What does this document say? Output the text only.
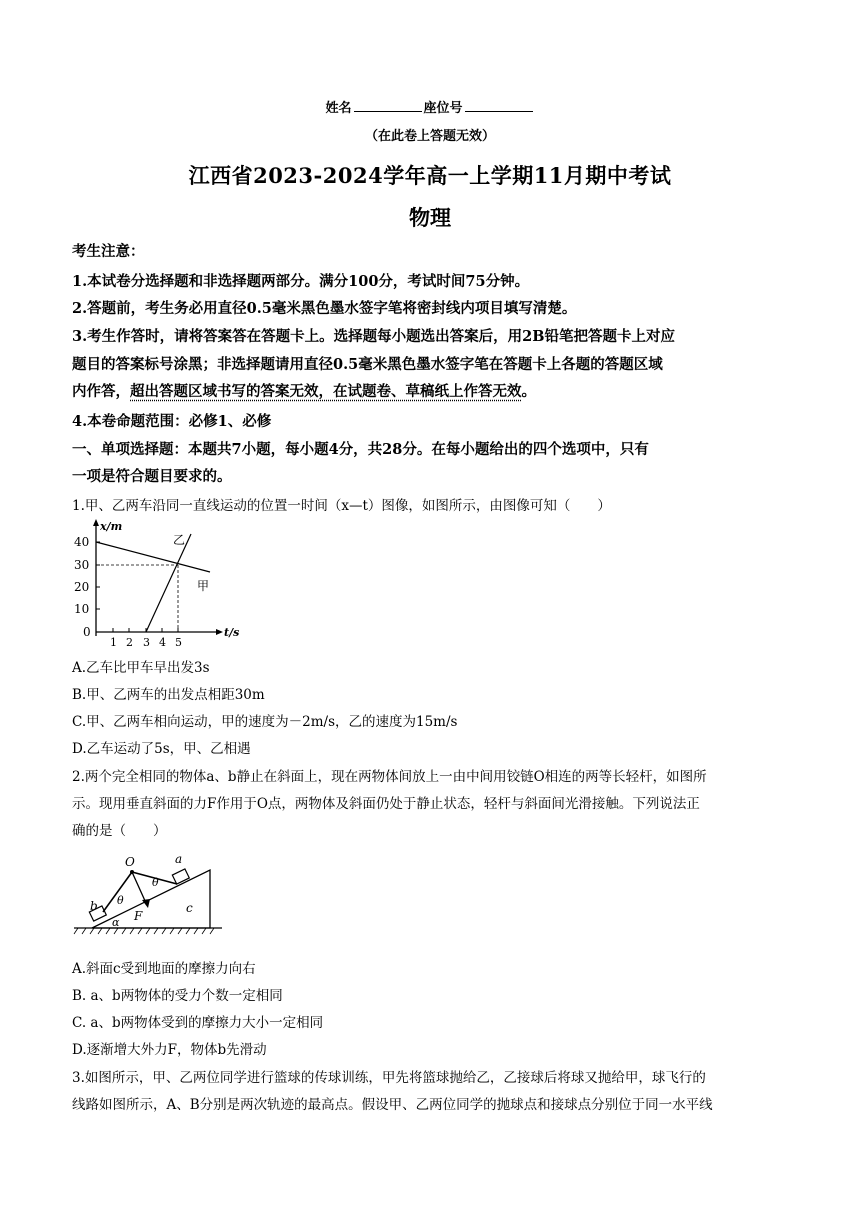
姓名	座位号
（在此卷上答题无效）
江西省2023-2024学年高一上学期11月期中考试
物理
考生注意：
1.本试卷分选择题和非选择题两部分。满分100分，考试时间75分钟。
2.答题前，考生务必用直径0.5毫米黑色墨水签字笔将密封线内项目填写清楚。
3.考生作答时，请将答案答在答题卡上。选择题每小题选出答案后，用2B铅笔把答题卡上对应
题目的答案标号涂黑；非选择题请用直径0.5毫米黑色墨水签字笔在答题卡上各题的答题区域
内作答，超出答题区域书写的答案无效，在试题卷、草稿纸上作答无效。
4.本卷命题范围：必修1、必修
一、单项选择题：本题共7小题，每小题4分，共28分。在每小题给出的四个选项中，只有
一项是符合题目要求的。
1.甲、乙两车沿同一直线运动的位置一时间（x—t）图像，如图所示，由图像可知（　　）
x/m
t/s
40
30
20
10
0
1 2 3 4 5
甲
乙
A.乙车比甲车早出发3s
B.甲、乙两车的出发点相距30m
C.甲、乙两车相向运动，甲的速度为－2m/s，乙的速度为15m/s
D.乙车运动了5s，甲、乙相遇
2.两个完全相同的物体a、b静止在斜面上，现在两物体间放上一由中间用铰链O相连的两等长轻杆，如图所
示。现用垂直斜面的力F作用于O点，两物体及斜面仍处于静止状态，轻杆与斜面间光滑接触。下列说法正
确的是（　　）
O	a
b θ
θ
α F
c
A.斜面c受到地面的摩擦力向右
B. a、b两物体的受力个数一定相同
C. a、b两物体受到的摩擦力大小一定相同
D.逐渐增大外力F，物体b先滑动
3.如图所示，甲、乙两位同学进行篮球的传球训练，甲先将篮球抛给乙，乙接球后将球又抛给甲，球飞行的
线路如图所示，A、B分别是两次轨迹的最高点。假设甲、乙两位同学的抛球点和接球点分别位于同一水平线
